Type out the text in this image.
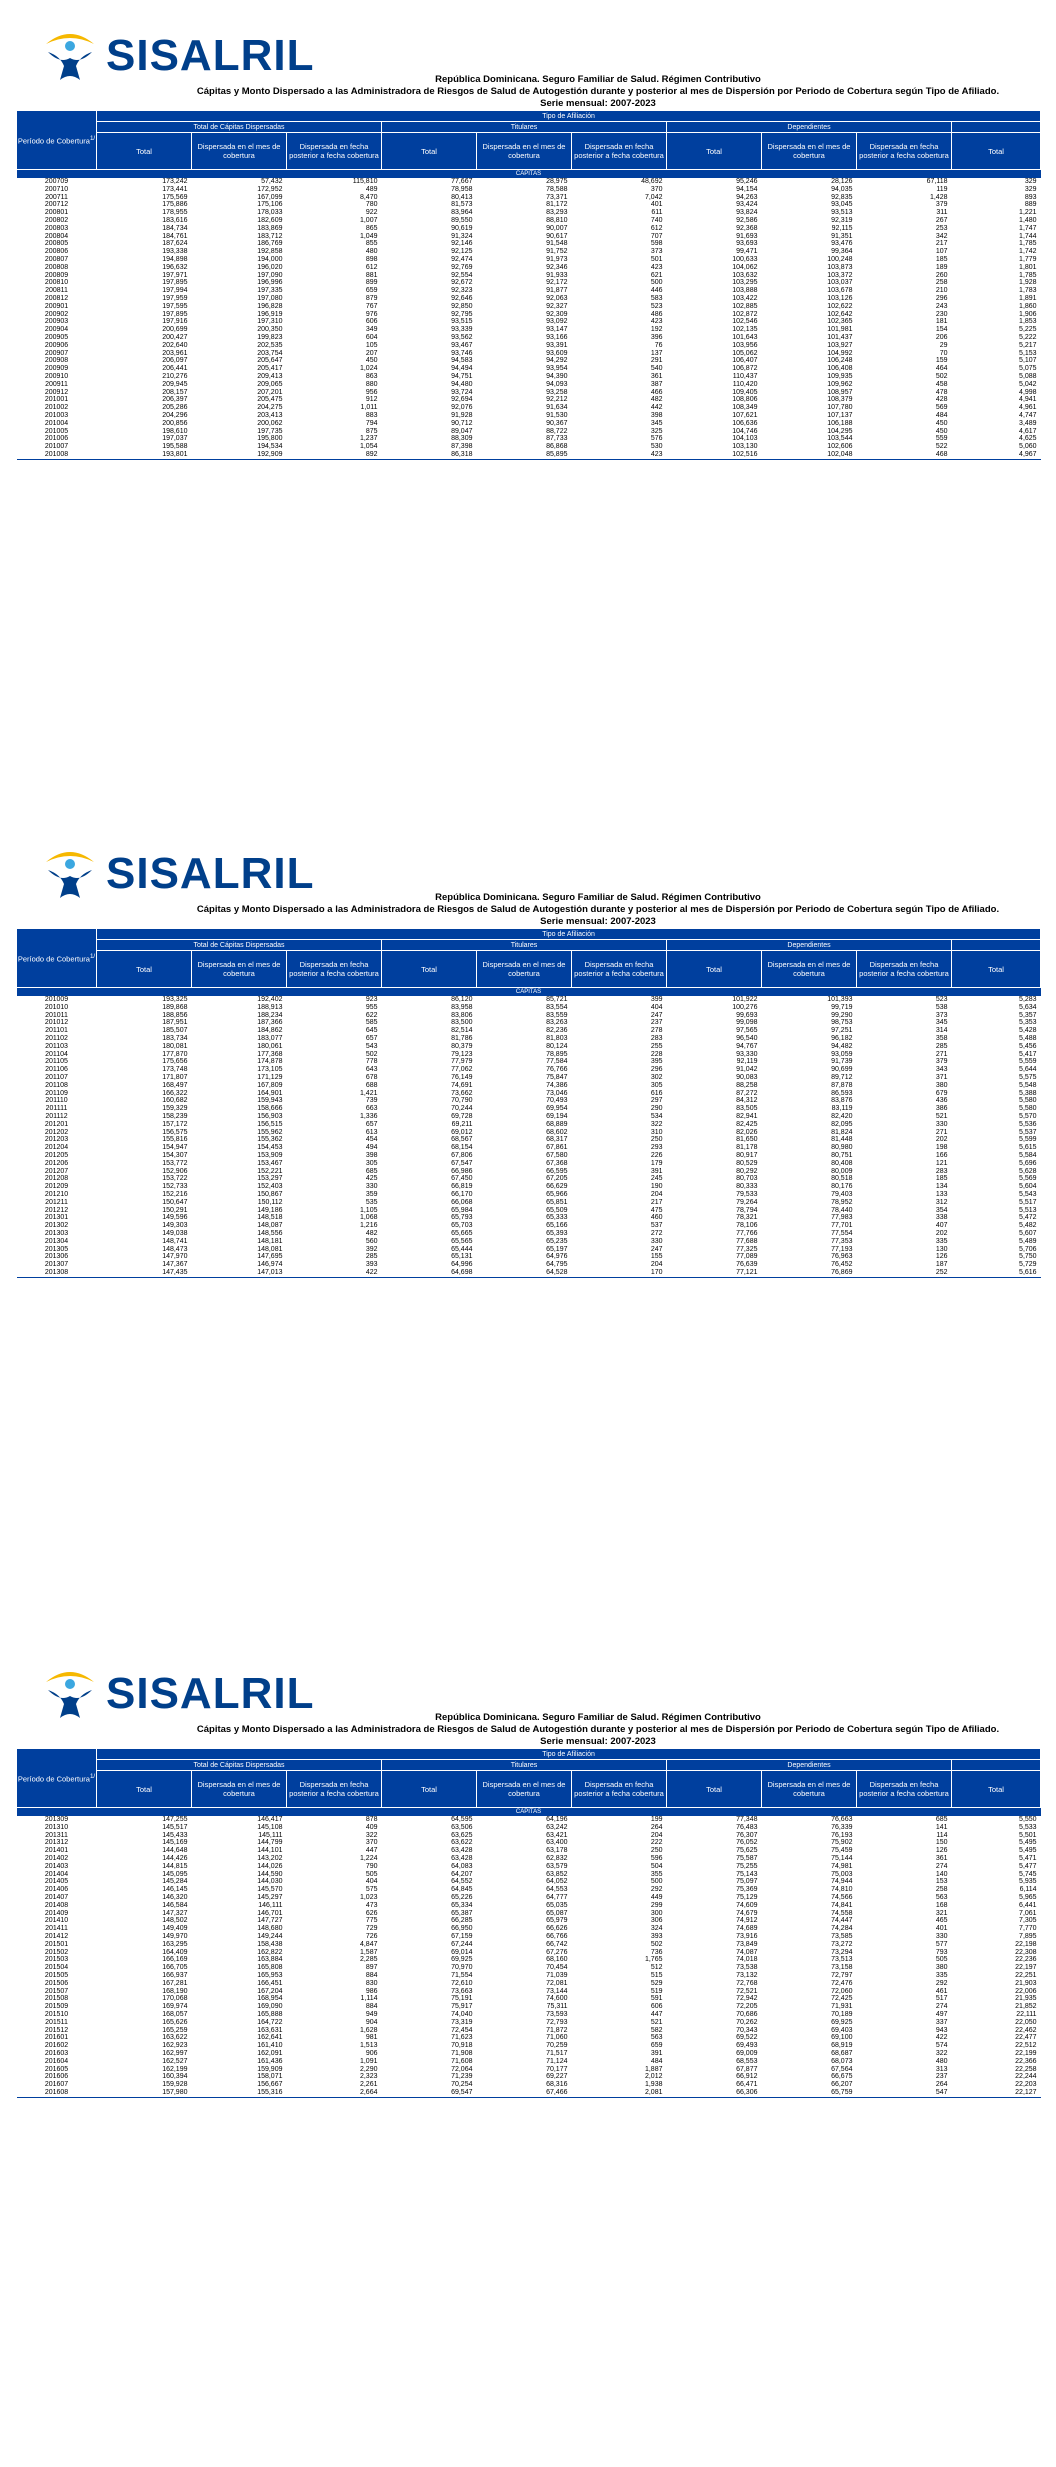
SISALRIL	República Dominicana. Seguro Familiar de Salud. Régimen Contributivo
Cápitas y Monto Dispersado a las Administradora de Riesgos de Salud de Autogestión durante y posterior al mes de Dispersión por Periodo de Cobertura según Tipo de Afiliado.
Serie mensual: 2007-2023
Período de Cobertura$^{1/}$	Tipo de Afiliación									
	Total de Cápitas Dispersadas			Titulares			Dependientes			
	Total	Dispersada en el mes de cobertura	Dispersada en fecha posterior a fecha cobertura	Total	Dispersada en el mes de cobertura	Dispersada en fecha posterior a fecha cobertura	Total	Dispersada en el mes de cobertura	Dispersada en fecha posterior a fecha cobertura	Total
CÁPITAS										
200709	173,242	57,432	115,810	77,667	28,975	48,692	95,246	28,126	67,118	329
200710	173,441	172,952	489	78,958	78,588	370	94,154	94,035	119	329
200711	175,569	167,099	8,470	80,413	73,371	7,042	94,263	92,835	1,428	893
200712	175,886	175,106	780	81,573	81,172	401	93,424	93,045	379	889
200801	178,955	178,033	922	83,964	83,293	611	93,824	93,513	311	1,221
200802	183,616	182,609	1,007	89,550	88,810	740	92,586	92,319	267	1,480
200803	184,734	183,869	865	90,619	90,007	612	92,368	92,115	253	1,747
200804	184,761	183,712	1,049	91,324	90,617	707	91,693	91,351	342	1,744
200805	187,624	186,769	855	92,146	91,548	598	93,693	93,476	217	1,785
200806	193,338	192,858	480	92,125	91,752	373	99,471	99,364	107	1,742
200807	194,898	194,000	898	92,474	91,973	501	100,633	100,248	185	1,779
200808	196,632	196,020	612	92,769	92,346	423	104,062	103,873	189	1,801
200809	197,971	197,090	881	92,554	91,933	621	103,632	103,372	260	1,785
200810	197,895	196,996	899	92,672	92,172	500	103,295	103,037	258	1,928
200811	197,994	197,335	659	92,323	91,877	446	103,888	103,678	210	1,783
200812	197,959	197,080	879	92,646	92,063	583	103,422	103,126	296	1,891
200901	197,595	196,828	767	92,850	92,327	523	102,885	102,622	243	1,860
200902	197,895	196,919	976	92,795	92,309	486	102,872	102,642	230	1,906
200903	197,916	197,310	606	93,515	93,092	423	102,546	102,365	181	1,853
200904	200,699	200,350	349	93,339	93,147	192	102,135	101,981	154	5,225
200905	200,427	199,823	604	93,562	93,166	396	101,643	101,437	206	5,222
200906	202,640	202,535	105	93,467	93,391	76	103,956	103,927	29	5,217
200907	203,961	203,754	207	93,746	93,609	137	105,062	104,992	70	5,153
200908	206,097	205,647	450	94,583	94,292	291	106,407	106,248	159	5,107
200909	206,441	205,417	1,024	94,494	93,954	540	106,872	106,408	464	5,075
200910	210,276	209,413	863	94,751	94,390	361	110,437	109,935	502	5,088
200911	209,945	209,065	880	94,480	94,093	387	110,420	109,962	458	5,042
200912	208,157	207,201	956	93,724	93,258	466	109,405	108,957	478	4,998
201001	206,397	205,475	912	92,694	92,212	482	108,806	108,379	428	4,941
201002	205,286	204,275	1,011	92,076	91,634	442	108,349	107,780	569	4,961
201003	204,296	203,413	883	91,928	91,530	398	107,621	107,137	484	4,747
201004	200,856	200,062	794	90,712	90,367	345	106,636	106,188	450	3,489
201005	198,610	197,735	875	89,047	88,722	325	104,746	104,295	450	4,617
201006	197,037	195,800	1,237	88,309	87,733	576	104,103	103,544	559	4,625
201007	195,588	194,534	1,054	87,398	86,868	530	103,130	102,606	522	5,060
201008	193,801	192,909	892	86,318	85,895	423	102,516	102,048	468	4,967
SISALRIL	República Dominicana. Seguro Familiar de Salud. Régimen Contributivo
Cápitas y Monto Dispersado a las Administradora de Riesgos de Salud de Autogestión durante y posterior al mes de Dispersión por Periodo de Cobertura según Tipo de Afiliado.
Serie mensual: 2007-2023
Período de Cobertura$^{1/}$	Tipo de Afiliación									
	Total de Cápitas Dispersadas			Titulares			Dependientes			
	Total	Dispersada en el mes de cobertura	Dispersada en fecha posterior a fecha cobertura	Total	Dispersada en el mes de cobertura	Dispersada en fecha posterior a fecha cobertura	Total	Dispersada en el mes de cobertura	Dispersada en fecha posterior a fecha cobertura	Total
CÁPITAS										
201009	193,325	192,402	923	86,120	85,721	399	101,922	101,393	523	5,283
201010	189,868	188,913	955	83,958	83,554	404	100,276	99,719	538	5,634
201011	188,856	188,234	622	83,806	83,559	247	99,693	99,290	373	5,357
201012	187,951	187,366	585	83,500	83,263	237	99,098	98,753	345	5,353
201101	185,507	184,862	645	82,514	82,236	278	97,565	97,251	314	5,428
201102	183,734	183,077	657	81,786	81,803	283	96,540	96,182	358	5,488
201103	180,081	180,061	543	80,379	80,124	255	94,767	94,482	285	5,456
201104	177,870	177,368	502	79,123	78,895	228	93,330	93,059	271	5,417
201105	175,656	174,878	778	77,979	77,584	395	92,119	91,739	379	5,559
201106	173,748	173,105	643	77,062	76,766	296	91,042	90,699	343	5,644
201107	171,807	171,129	678	76,149	75,847	302	90,083	89,712	371	5,575
201108	168,497	167,809	688	74,691	74,386	305	88,258	87,878	380	5,548
201109	166,322	164,901	1,421	73,662	73,046	616	87,272	86,593	679	5,388
201110	160,682	159,943	739	70,790	70,493	297	84,312	83,876	436	5,580
201111	159,329	158,666	663	70,244	69,954	290	83,505	83,119	386	5,580
201112	158,239	156,903	1,336	69,728	69,194	534	82,941	82,420	521	5,570
201201	157,172	156,515	657	69,211	68,889	322	82,425	82,095	330	5,536
201202	156,575	155,962	613	69,012	68,602	310	82,026	81,824	271	5,537
201203	155,816	155,362	454	68,567	68,317	250	81,650	81,448	202	5,599
201204	154,947	154,453	494	68,154	67,861	293	81,178	80,980	198	5,615
201205	154,307	153,909	398	67,806	67,580	226	80,917	80,751	166	5,584
201206	153,772	153,467	305	67,547	67,368	179	80,529	80,408	121	5,696
201207	152,906	152,221	685	66,986	66,595	391	80,292	80,009	283	5,628
201208	153,722	153,297	425	67,450	67,205	245	80,703	80,518	185	5,569
201209	152,733	152,403	330	66,819	66,629	190	80,333	80,176	134	5,604
201210	152,216	150,867	359	66,170	65,966	204	79,533	79,403	133	5,543
201211	150,647	150,112	535	66,068	65,851	217	79,264	78,952	312	5,517
201212	150,291	149,186	1,105	65,984	65,509	475	78,794	78,440	354	5,513
201301	149,596	148,518	1,068	65,793	65,333	460	78,321	77,983	338	5,472
201302	149,303	148,087	1,216	65,703	65,166	537	78,106	77,701	407	5,482
201303	149,038	148,556	482	65,665	65,393	272	77,766	77,554	202	5,607
201304	148,741	148,181	560	65,565	65,235	330	77,688	77,353	335	5,489
201305	148,473	148,081	392	65,444	65,197	247	77,325	77,193	130	5,706
201306	147,970	147,695	285	65,131	64,976	155	77,089	76,963	126	5,750
201307	147,367	146,974	393	64,996	64,795	204	76,639	76,452	187	5,729
201308	147,435	147,013	422	64,698	64,528	170	77,121	76,869	252	5,616
SISALRIL	República Dominicana. Seguro Familiar de Salud. Régimen Contributivo
Cápitas y Monto Dispersado a las Administradora de Riesgos de Salud de Autogestión durante y posterior al mes de Dispersión por Periodo de Cobertura según Tipo de Afiliado.
Serie mensual: 2007-2023
Período de Cobertura$^{1/}$	Tipo de Afiliación									
	Total de Cápitas Dispersadas			Titulares			Dependientes			
	Total	Dispersada en el mes de cobertura	Dispersada en fecha posterior a fecha cobertura	Total	Dispersada en el mes de cobertura	Dispersada en fecha posterior a fecha cobertura	Total	Dispersada en el mes de cobertura	Dispersada en fecha posterior a fecha cobertura	Total
CÁPITAS										
201309	147,255	146,417	878	64,595	64,196	199	77,348	76,663	685	5,550
201310	145,517	145,108	409	63,506	63,242	264	76,483	76,339	141	5,533
201311	145,433	145,111	322	63,625	63,421	204	76,307	76,193	114	5,501
201312	145,169	144,799	370	63,622	63,400	222	76,052	75,902	150	5,495
201401	144,648	144,101	447	63,428	63,178	250	75,625	75,459	126	5,495
201402	144,426	143,202	1,224	63,428	62,832	596	75,587	75,144	361	5,471
201403	144,815	144,026	790	64,083	63,579	504	75,255	74,981	274	5,477
201404	145,095	144,590	505	64,207	63,852	355	75,143	75,003	140	5,745
201405	145,284	144,030	404	64,552	64,052	500	75,097	74,944	153	5,935
201406	146,145	145,570	575	64,845	64,553	292	75,369	74,810	258	6,114
201407	146,320	145,297	1,023	65,226	64,777	449	75,129	74,566	563	5,965
201408	146,584	146,111	473	65,334	65,035	299	74,609	74,841	168	6,441
201409	147,327	146,701	626	65,387	65,087	300	74,679	74,558	321	7,061
201410	148,502	147,727	775	66,285	65,979	306	74,912	74,447	465	7,305
201411	149,409	148,680	729	66,950	66,626	324	74,689	74,284	401	7,770
201412	149,970	149,244	726	67,159	66,766	393	73,916	73,585	330	7,895
201501	163,295	158,438	4,847	67,244	66,742	502	73,849	73,272	577	22,198
201502	164,409	162,822	1,587	69,014	67,276	736	74,087	73,294	793	22,308
201503	166,169	163,884	2,285	69,925	68,160	1,765	74,018	73,513	505	22,236
201504	166,705	165,808	897	70,970	70,454	512	73,538	73,158	380	22,197
201505	166,937	165,953	884	71,554	71,039	515	73,132	72,797	335	22,251
201506	167,281	166,451	830	72,610	72,081	529	72,768	72,476	292	21,903
201507	168,190	167,204	986	73,663	73,144	519	72,521	72,060	461	22,006
201508	170,068	168,954	1,114	75,191	74,600	591	72,942	72,425	517	21,935
201509	169,974	169,090	884	75,917	75,311	606	72,205	71,931	274	21,852
201510	168,057	165,888	949	74,040	73,593	447	70,686	70,189	497	22,111
201511	165,626	164,722	904	73,319	72,793	521	70,262	69,925	337	22,050
201512	165,259	163,631	1,628	72,454	71,872	582	70,343	69,403	943	22,462
201601	163,622	162,641	981	71,623	71,060	563	69,522	69,100	422	22,477
201602	162,923	161,410	1,513	70,918	70,259	659	69,493	68,919	574	22,512
201603	162,997	162,091	906	71,908	71,517	391	69,009	68,687	322	22,199
201604	162,527	161,436	1,091	71,608	71,124	484	68,553	68,073	480	22,366
201605	162,199	159,909	2,290	72,064	70,177	1,887	67,877	67,564	313	22,258
201606	160,394	158,071	2,323	71,239	69,227	2,012	66,912	66,675	237	22,244
201607	159,928	156,667	2,261	70,254	68,316	1,938	66,471	66,207	264	22,203
201608	157,980	155,316	2,664	69,547	67,466	2,081	66,306	65,759	547	22,127
